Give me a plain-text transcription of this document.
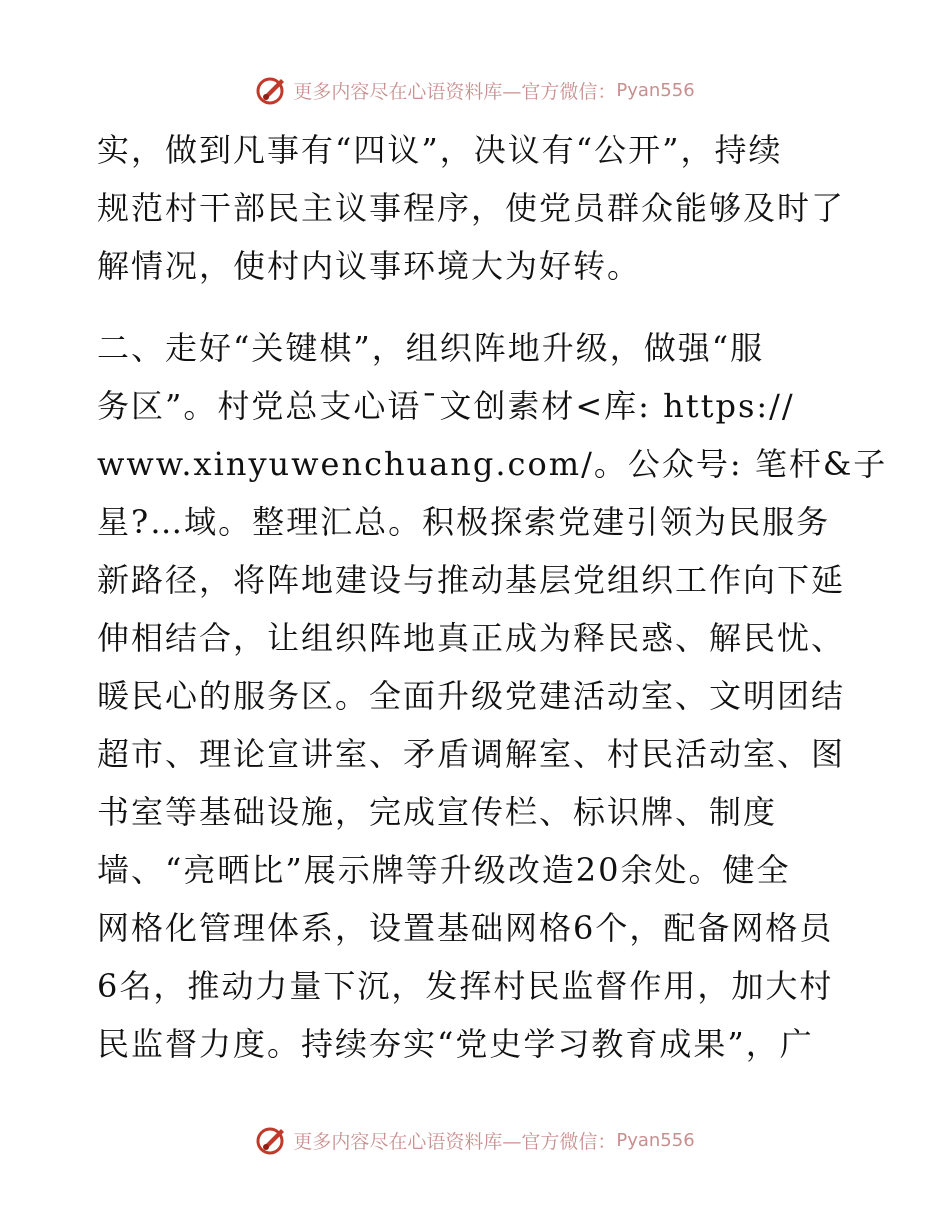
更多内容尽在心语资料库—官方微信： Pyan556
实，做到凡事有“四议”，决议有“公开”，持续
规范村干部民主议事程序，使党员群众能够及时了
解情况，使村内议事环境大为好转。
二、走好“关键棋”，组织阵地升级，做强“服
务区”。村党总支心语¯文创素材<库: https://
www.xinyuwenchuang.com/。公众号: 笔杆&子
星?…域。整理汇总。积极探索党建引领为民服务
新路径，将阵地建设与推动基层党组织工作向下延
伸相结合，让组织阵地真正成为释民惑、解民忧、
暖民心的服务区。全面升级党建活动室、文明团结
超市、理论宣讲室、矛盾调解室、村民活动室、图
书室等基础设施，完成宣传栏、标识牌、制度
墙、“亮晒比”展示牌等升级改造20余处。健全
网格化管理体系，设置基础网格6个，配备网格员
6名，推动力量下沉，发挥村民监督作用，加大村
民监督力度。持续夯实“党史学习教育成果”，广
更多内容尽在心语资料库—官方微信： Pyan556
